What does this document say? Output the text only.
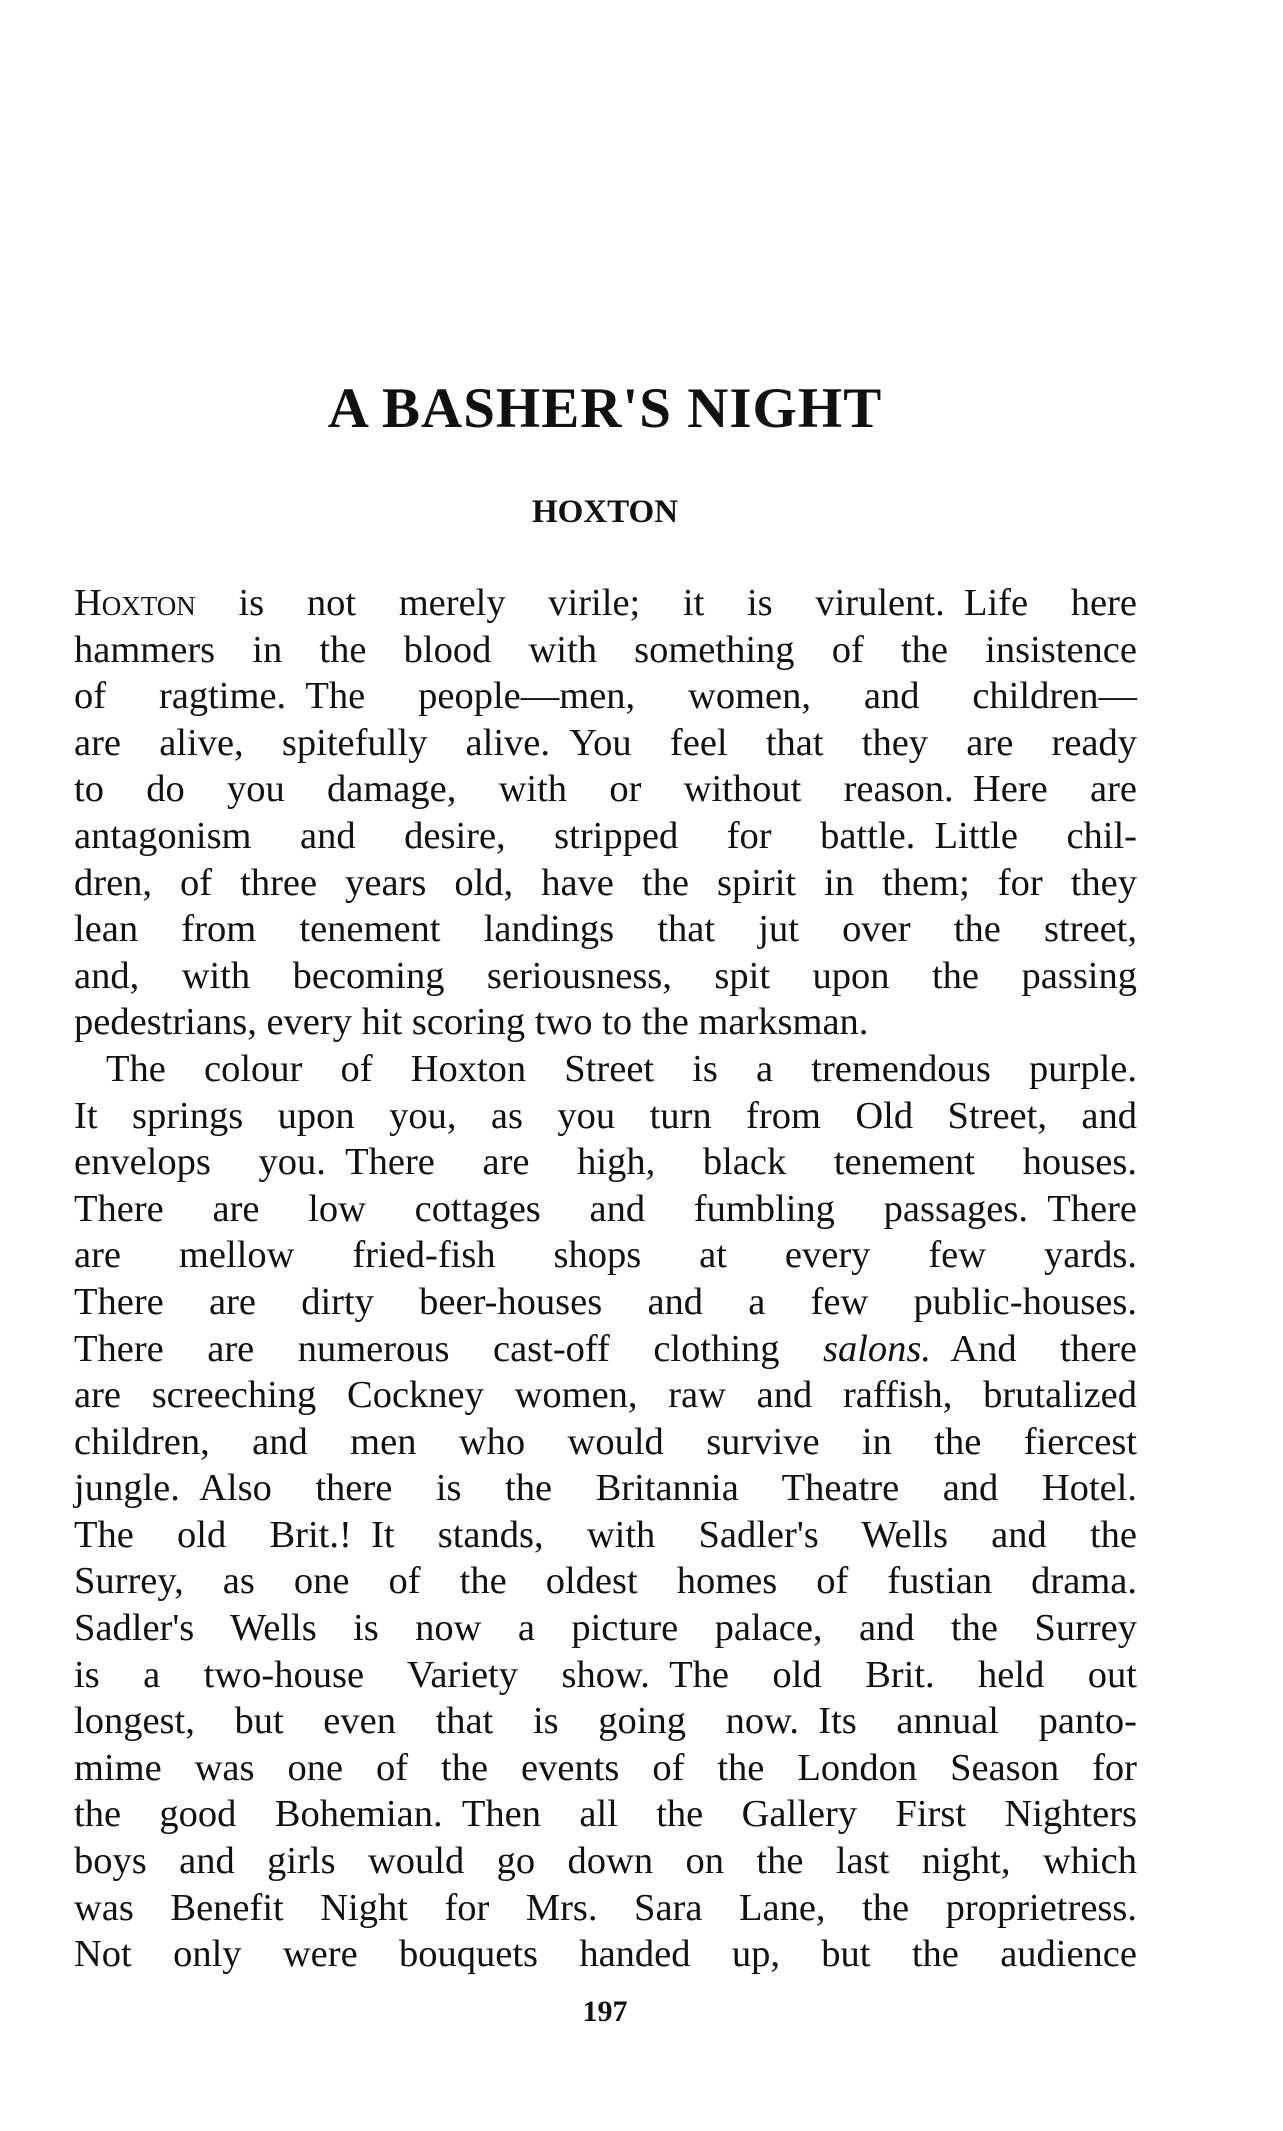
A BASHER'S NIGHT
HOXTON
Hoxton is not merely virile; it is virulent. Life here
hammers in the blood with something of the insistence
of ragtime. The people—men, women, and children—
are alive, spitefully alive. You feel that they are ready
to do you damage, with or without reason. Here are
antagonism and desire, stripped for battle. Little chil-
dren, of three years old, have the spirit in them; for they
lean from tenement landings that jut over the street,
and, with becoming seriousness, spit upon the passing
pedestrians, every hit scoring two to the marksman.
The colour of Hoxton Street is a tremendous purple.
It springs upon you, as you turn from Old Street, and
envelops you. There are high, black tenement houses.
There are low cottages and fumbling passages. There
are mellow fried-fish shops at every few yards.
There are dirty beer-houses and a few public-houses.
There are numerous cast-off clothing salons. And there
are screeching Cockney women, raw and raffish, brutalized
children, and men who would survive in the fiercest
jungle. Also there is the Britannia Theatre and Hotel.
The old Brit.! It stands, with Sadler's Wells and the
Surrey, as one of the oldest homes of fustian drama.
Sadler's Wells is now a picture palace, and the Surrey
is a two-house Variety show. The old Brit. held out
longest, but even that is going now. Its annual panto-
mime was one of the events of the London Season for
the good Bohemian. Then all the Gallery First Nighters
boys and girls would go down on the last night, which
was Benefit Night for Mrs. Sara Lane, the proprietress.
Not only were bouquets handed up, but the audience
197
